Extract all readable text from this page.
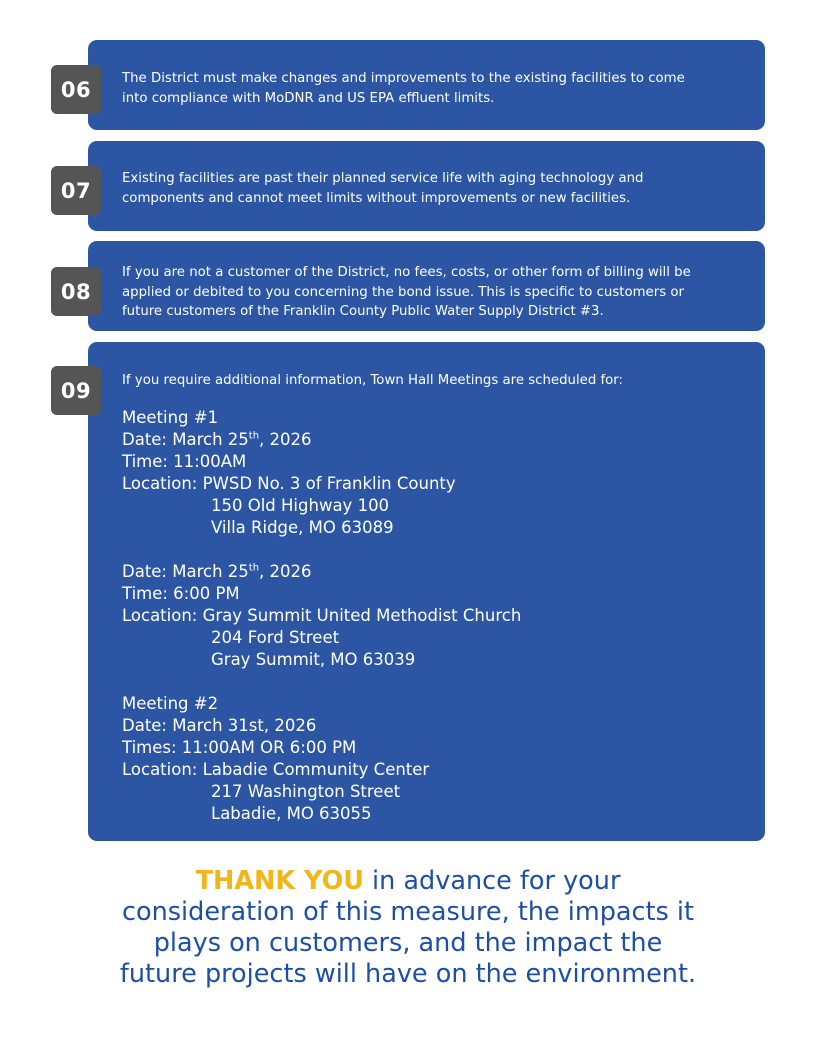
The District must make changes and improvements to the existing facilities to come
into compliance with MoDNR and US EPA effluent limits.
06
Existing facilities are past their planned service life with aging technology and
components and cannot meet limits without improvements or new facilities.
07
If you are not a customer of the District, no fees, costs, or other form of billing will be
applied or debited to you concerning the bond issue. This is specific to customers or
future customers of the Franklin County Public Water Supply District #3.
08
If you require additional information, Town Hall Meetings are scheduled for:
Meeting #1
Date: March 25th, 2026
Time: 11:00AM
Location: PWSD No. 3 of Franklin County
150 Old Highway 100
Villa Ridge, MO 63089
Date: March 25th, 2026
Time: 6:00 PM
Location: Gray Summit United Methodist Church
204 Ford Street
Gray Summit, MO 63039
Meeting #2
Date: March 31st, 2026
Times: 11:00AM OR 6:00 PM
Location: Labadie Community Center
217 Washington Street
Labadie, MO 63055
09
THANK YOU in advance for your
consideration of this measure, the impacts it
plays on customers, and the impact the
future projects will have on the environment.
